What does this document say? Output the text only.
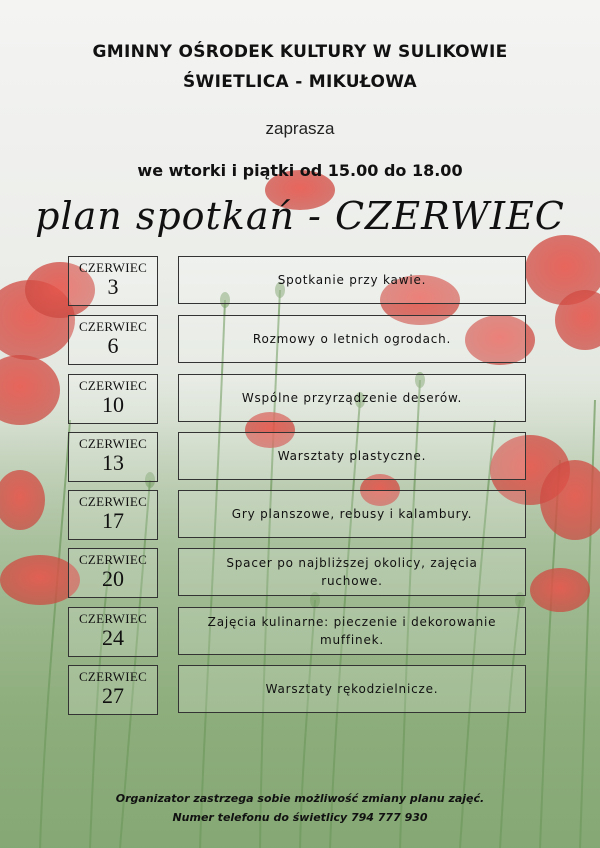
GMINNY OŚRODEK KULTURY W SULIKOWIE
ŚWIETLICA - MIKUŁOWA
zaprasza
we wtorki i piątki od 15.00 do 18.00
plan spotkań - CZERWIEC
CZERWIEC
3	Spotkanie przy kawie.
CZERWIEC
6	Rozmowy o letnich ogrodach.
CZERWIEC
10	Wspólne przyrządzenie deserów.
CZERWIEC
13	Warsztaty plastyczne.
CZERWIEC
17	Gry planszowe, rebusy i kalambury.
CZERWIEC
20
Spacer po najbliższej okolicy, zajęcia ruchowe.
CZERWIEC
24
Zajęcia kulinarne: pieczenie i dekorowanie muffinek.
CZERWIEC
27	Warsztaty rękodzielnicze.
Organizator zastrzega sobie możliwość zmiany planu zajęć.
Numer telefonu do świetlicy 794 777 930
